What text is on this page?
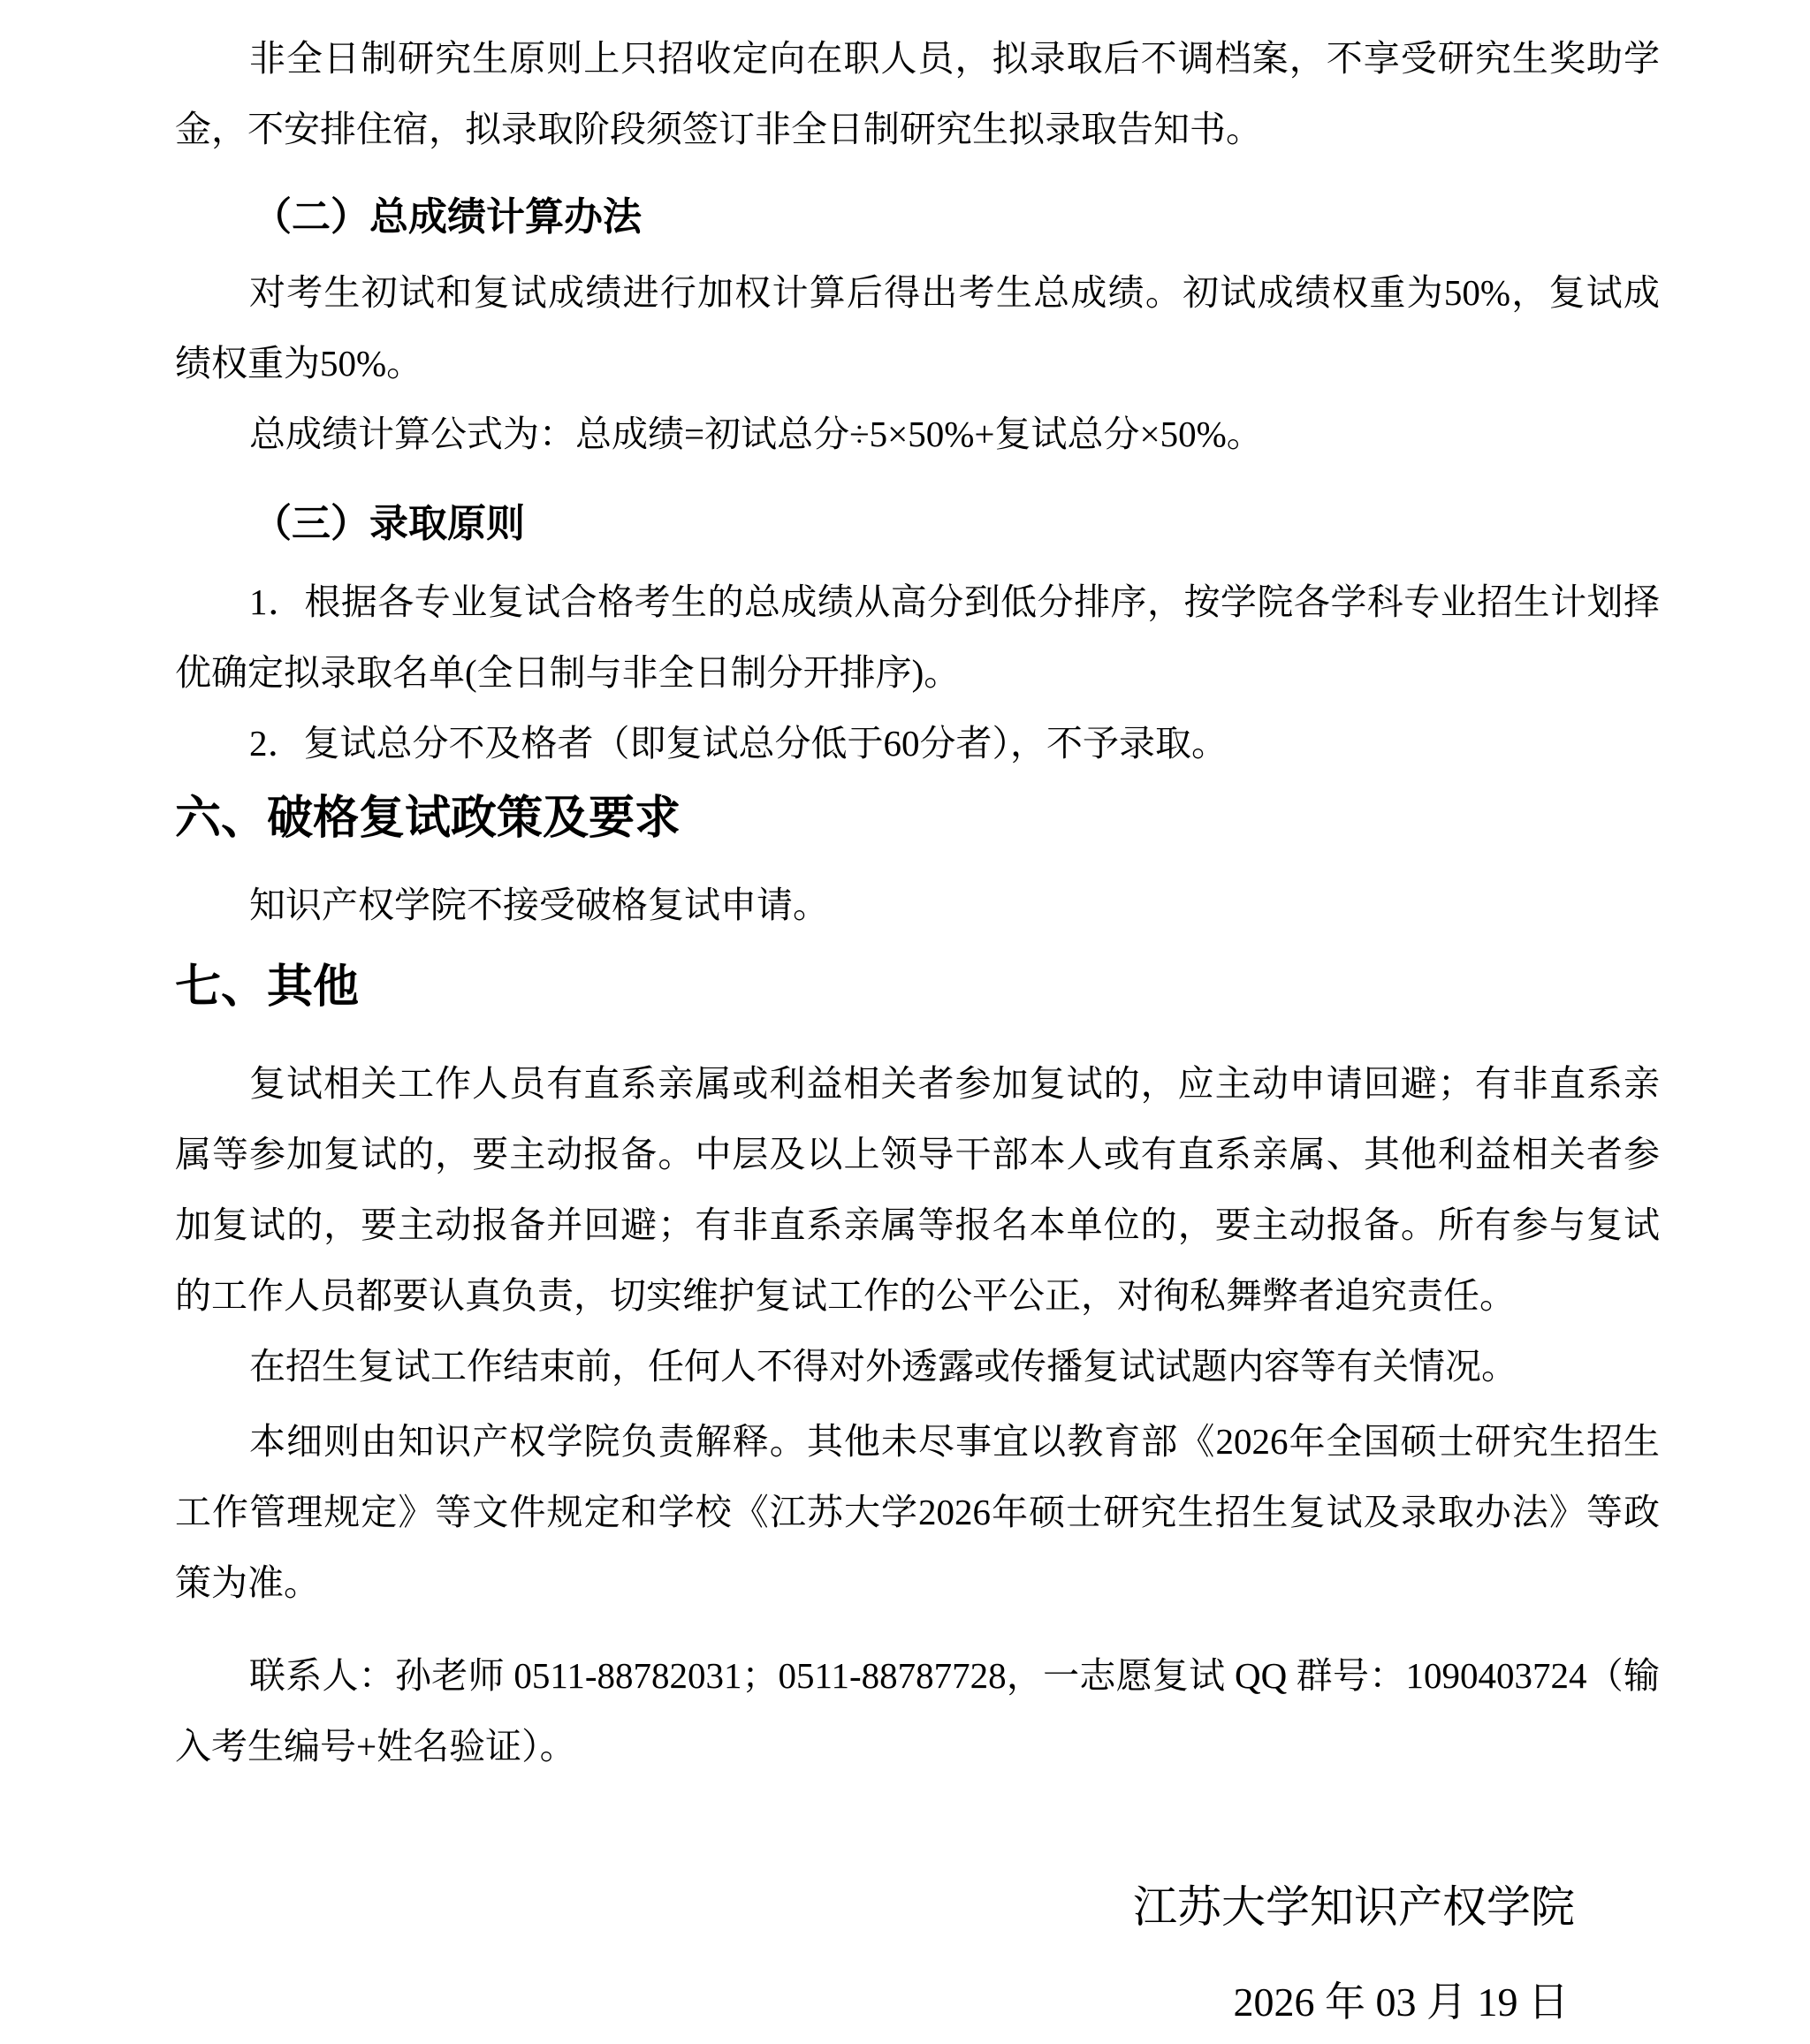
非全日制研究生原则上只招收定向在职人员，拟录取后不调档案，不享受研究生奖助学

金，不安排住宿，拟录取阶段须签订非全日制研究生拟录取告知书。

（二）总成绩计算办法

对考生初试和复试成绩进行加权计算后得出考生总成绩。初试成绩权重为50%，复试成

绩权重为50%。

总成绩计算公式为：总成绩=初试总分÷5×50%+复试总分×50%。

（三）录取原则

1．根据各专业复试合格考生的总成绩从高分到低分排序，按学院各学科专业招生计划择

优确定拟录取名单(全日制与非全日制分开排序)。

2．复试总分不及格者（即复试总分低于60分者），不予录取。

六、破格复试政策及要求

知识产权学院不接受破格复试申请。

七、其他

复试相关工作人员有直系亲属或利益相关者参加复试的，应主动申请回避；有非直系亲

属等参加复试的，要主动报备。中层及以上领导干部本人或有直系亲属、其他利益相关者参

加复试的，要主动报备并回避；有非直系亲属等报名本单位的，要主动报备。所有参与复试

的工作人员都要认真负责，切实维护复试工作的公平公正，对徇私舞弊者追究责任。

在招生复试工作结束前，任何人不得对外透露或传播复试试题内容等有关情况。

本细则由知识产权学院负责解释。其他未尽事宜以教育部《2026年全国硕士研究生招生

工作管理规定》等文件规定和学校《江苏大学2026年硕士研究生招生复试及录取办法》等政

策为准。

联系人：孙老师 0511-88782031；0511-88787728，一志愿复试 QQ 群号：1090403724（输

入考生编号+姓名验证）。

江苏大学知识产权学院

2026 年 03 月 19 日
